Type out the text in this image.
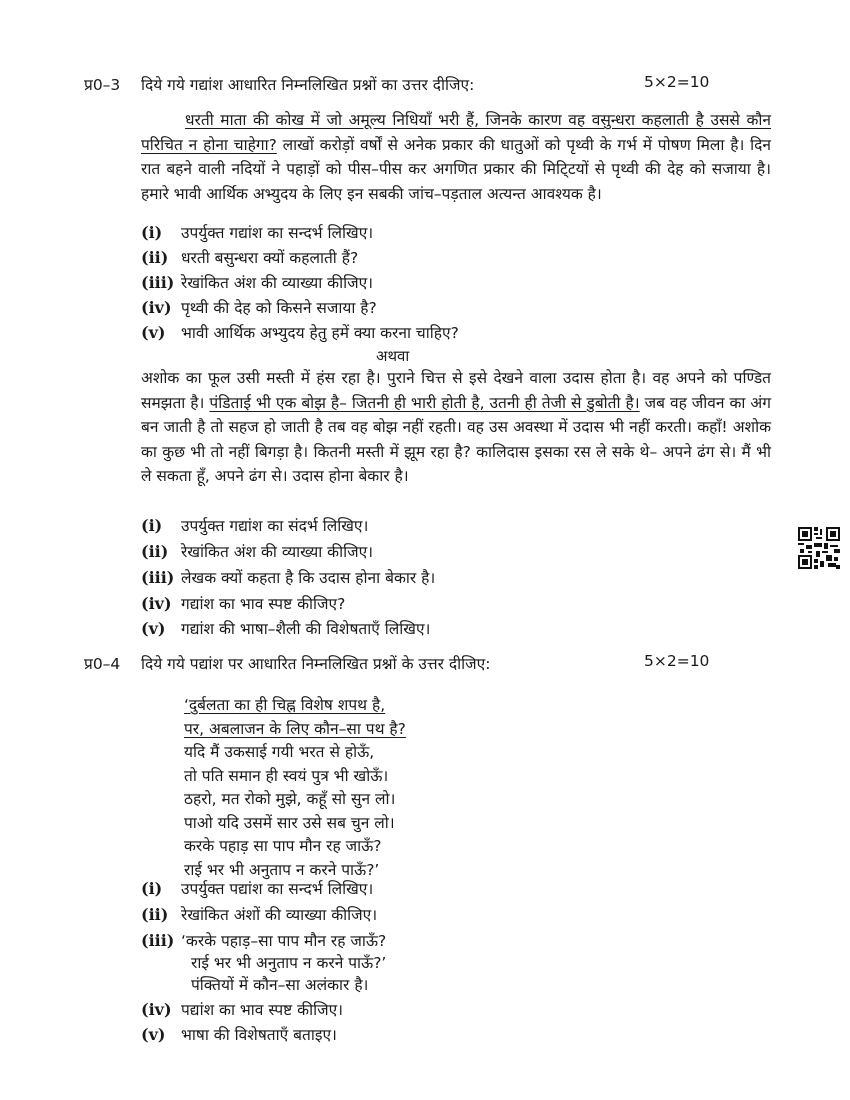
प्र0–3 दिये गये गद्यांश आधारित निम्नलिखित प्रश्नों का उत्तर दीजिए:	5×2=10
धरती माता की कोख में जो अमूल्य निधियाँ भरी हैं, जिनके कारण वह वसुन्धरा कहलाती है उससे कौन परिचित न होना चाहेगा? लाखों करोड़ों वर्षों से अनेक प्रकार की धातुओं को पृथ्वी के गर्भ में पोषण मिला है। दिन रात बहने वाली नदियों ने पहाड़ों को पीस–पीस कर अगणित प्रकार की मिटि्टयों से पृथ्वी की देह को सजाया है। हमारे भावी आर्थिक अभ्युदय के लिए इन सबकी जांच–पड़ताल अत्यन्त आवश्यक है।
(i) उपर्युक्त गद्यांश का सन्दर्भ लिखिए।
(ii) धरती बसुन्धरा क्यों कहलाती हैं?
(iii) रेखांकित अंश की व्याख्या कीजिए।
(iv) पृथ्वी की देह को किसने सजाया है?
(v) भावी आर्थिक अभ्युदय हेतु हमें क्या करना चाहिए?
अथवा
अशोक का फूल उसी मस्ती में हंस रहा है। पुराने चित्त से इसे देखने वाला उदास होता है। वह अपने को पण्डित समझता है। पंडिताई भी एक बोझ है– जितनी ही भारी होती है, उतनी ही तेजी से डुबोती है। जब वह जीवन का अंग बन जाती है तो सहज हो जाती है तब वह बोझ नहीं रहती। वह उस अवस्था में उदास भी नहीं करती। कहाँ! अशोक का कुछ भी तो नहीं बिगड़ा है। कितनी मस्ती में झूम रहा है? कालिदास इसका रस ले सके थे– अपने ढंग से। मैं भी ले सकता हूँ, अपने ढंग से। उदास होना बेकार है।
(i) उपर्युक्त गद्यांश का संदर्भ लिखिए।
(ii) रेखांकित अंश की व्याख्या कीजिए।
(iii) लेखक क्यों कहता है कि उदास होना बेकार है।
(iv) गद्यांश का भाव स्पष्ट कीजिए?
(v) गद्यांश की भाषा–शैली की विशेषताएँ लिखिए।
प्र0–4 दिये गये पद्यांश पर आधारित निम्नलिखित प्रश्नों के उत्तर दीजिए:	5×2=10
‘दुर्बलता का ही चिह्न विशेष शपथ है,
पर, अबलाजन के लिए कौन–सा पथ है?
यदि मैं उकसाई गयी भरत से होऊँ,
तो पति समान ही स्वयं पुत्र भी खोऊँ।
ठहरो, मत रोको मुझे, कहूँ सो सुन लो।
पाओ यदि उसमें सार उसे सब चुन लो।
करके पहाड़ सा पाप मौन रह जाऊँ?
राई भर भी अनुताप न करने पाऊँ?’
(i) उपर्युक्त पद्यांश का सन्दर्भ लिखिए।
(ii) रेखांकित अंशों की व्याख्या कीजिए।
(iii) ‘करके पहाड़–सा पाप मौन रह जाऊँ?
राई भर भी अनुताप न करने पाऊँ?’
पंक्तियों में कौन–सा अलंकार है।
(iv) पद्यांश का भाव स्पष्ट कीजिए।
(v) भाषा की विशेषताएँ बताइए।
